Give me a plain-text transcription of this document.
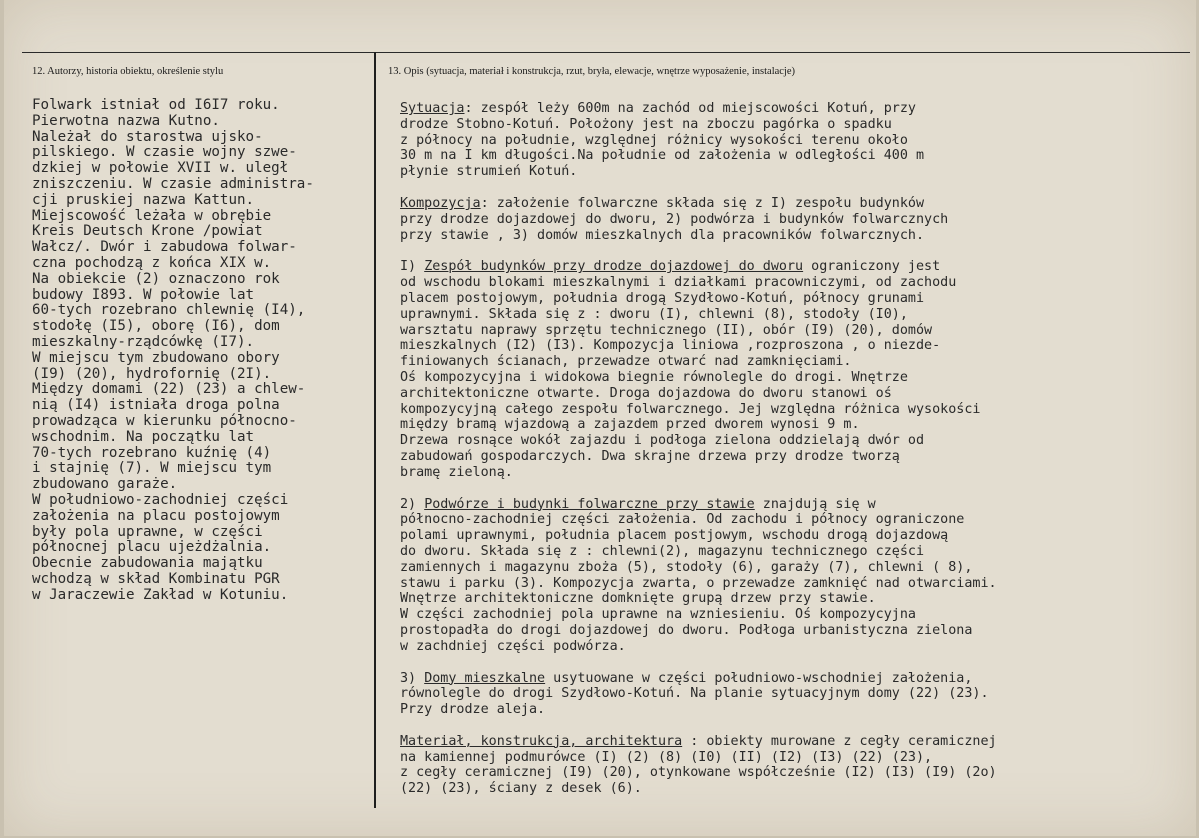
12. Autorzy, historia obiektu, określenie stylu	13. Opis (sytuacja, materiał i konstrukcja, rzut, bryła, elewacje, wnętrze wyposażenie, instalacje)
Folwark istniał od I6I7 roku.
Pierwotna nazwa Kutno.
Należał do starostwa ujsko-
pilskiego. W czasie wojny szwe-
dzkiej w połowie XVII w. uległ
zniszczeniu. W czasie administra-
cji pruskiej nazwa Kattun.
Miejscowość leżała w obrębie
Kreis Deutsch Krone /powiat
Wałcz/. Dwór i zabudowa folwar-
czna pochodzą z końca XIX w.
Na obiekcie (2) oznaczono rok
budowy I893. W połowie lat
60-tych rozebrano chlewnię (I4),
stodołę (I5), oborę (I6), dom
mieszkalny-rządcówkę (I7).
W miejscu tym zbudowano obory
(I9) (20), hydrofornię (2I).
Między domami (22) (23) a chlew-
nią (I4) istniała droga polna
prowadząca w kierunku północno-
wschodnim. Na początku lat
70-tych rozebrano kuźnię (4)
i stajnię (7). W miejscu tym
zbudowano garaże.
W południowo-zachodniej części
założenia na placu postojowym
były pola uprawne, w części
północnej placu ujeżdżalnia.
Obecnie zabudowania majątku
wchodzą w skład Kombinatu PGR
w Jaraczewie Zakład w Kotuniu.
Sytuacja: zespół leży 600m na zachód od miejscowości Kotuń, przy
drodze Stobno-Kotuń. Położony jest na zboczu pagórka o spadku
z północy na południe, względnej różnicy wysokości terenu około
30 m na I km długości.Na południe od założenia w odległości 400 m
płynie strumień Kotuń.
Kompozycja: założenie folwarczne składa się z I) zespołu budynków
przy drodze dojazdowej do dworu, 2) podwórza i budynków folwarcznych
przy stawie , 3) domów mieszkalnych dla pracowników folwarcznych.
I) Zespół budynków przy drodze dojazdowej do dworu ograniczony jest
od wschodu blokami mieszkalnymi i działkami pracowniczymi, od zachodu
placem postojowym, południa drogą Szydłowo-Kotuń, północy grunami
uprawnymi. Składa się z : dworu (I), chlewni (8), stodoły (I0),
warsztatu naprawy sprzętu technicznego (II), obór (I9) (20), domów
mieszkalnych (I2) (I3). Kompozycja liniowa ,rozproszona , o niezde-
finiowanych ścianach, przewadze otwarć nad zamknięciami.
Oś kompozycyjna i widokowa biegnie równolegle do drogi. Wnętrze
architektoniczne otwarte. Droga dojazdowa do dworu stanowi oś
kompozycyjną całego zespołu folwarcznego. Jej względna różnica wysokości
między bramą wjazdową a zajazdem przed dworem wynosi 9 m.
Drzewa rosnące wokół zajazdu i podłoga zielona oddzielają dwór od
zabudowań gospodarczych. Dwa skrajne drzewa przy drodze tworzą
bramę zieloną.
2) Podwórze i budynki folwarczne przy stawie znajdują się w
północno-zachodniej części założenia. Od zachodu i północy ograniczone
polami uprawnymi, południa placem postjowym, wschodu drogą dojazdową
do dworu. Składa się z : chlewni(2), magazynu technicznego części
zamiennych i magazynu zboża (5), stodoły (6), garaży (7), chlewni ( 8),
stawu i parku (3). Kompozycja zwarta, o przewadze zamknięć nad otwarciami.
Wnętrze architektoniczne domknięte grupą drzew przy stawie.
W części zachodniej pola uprawne na wzniesieniu. Oś kompozycyjna
prostopadła do drogi dojazdowej do dworu. Podłoga urbanistyczna zielona
w zachdniej części podwórza.
3) Domy mieszkalne usytuowane w części południowo-wschodniej założenia,
równolegle do drogi Szydłowo-Kotuń. Na planie sytuacyjnym domy (22) (23).
Przy drodze aleja.
Materiał, konstrukcja, architektura : obiekty murowane z cegły ceramicznej
na kamiennej podmurówce (I) (2) (8) (I0) (II) (I2) (I3) (22) (23),
z cegły ceramicznej (I9) (20), otynkowane współcześnie (I2) (I3) (I9) (2o)
(22) (23), ściany z desek (6).
